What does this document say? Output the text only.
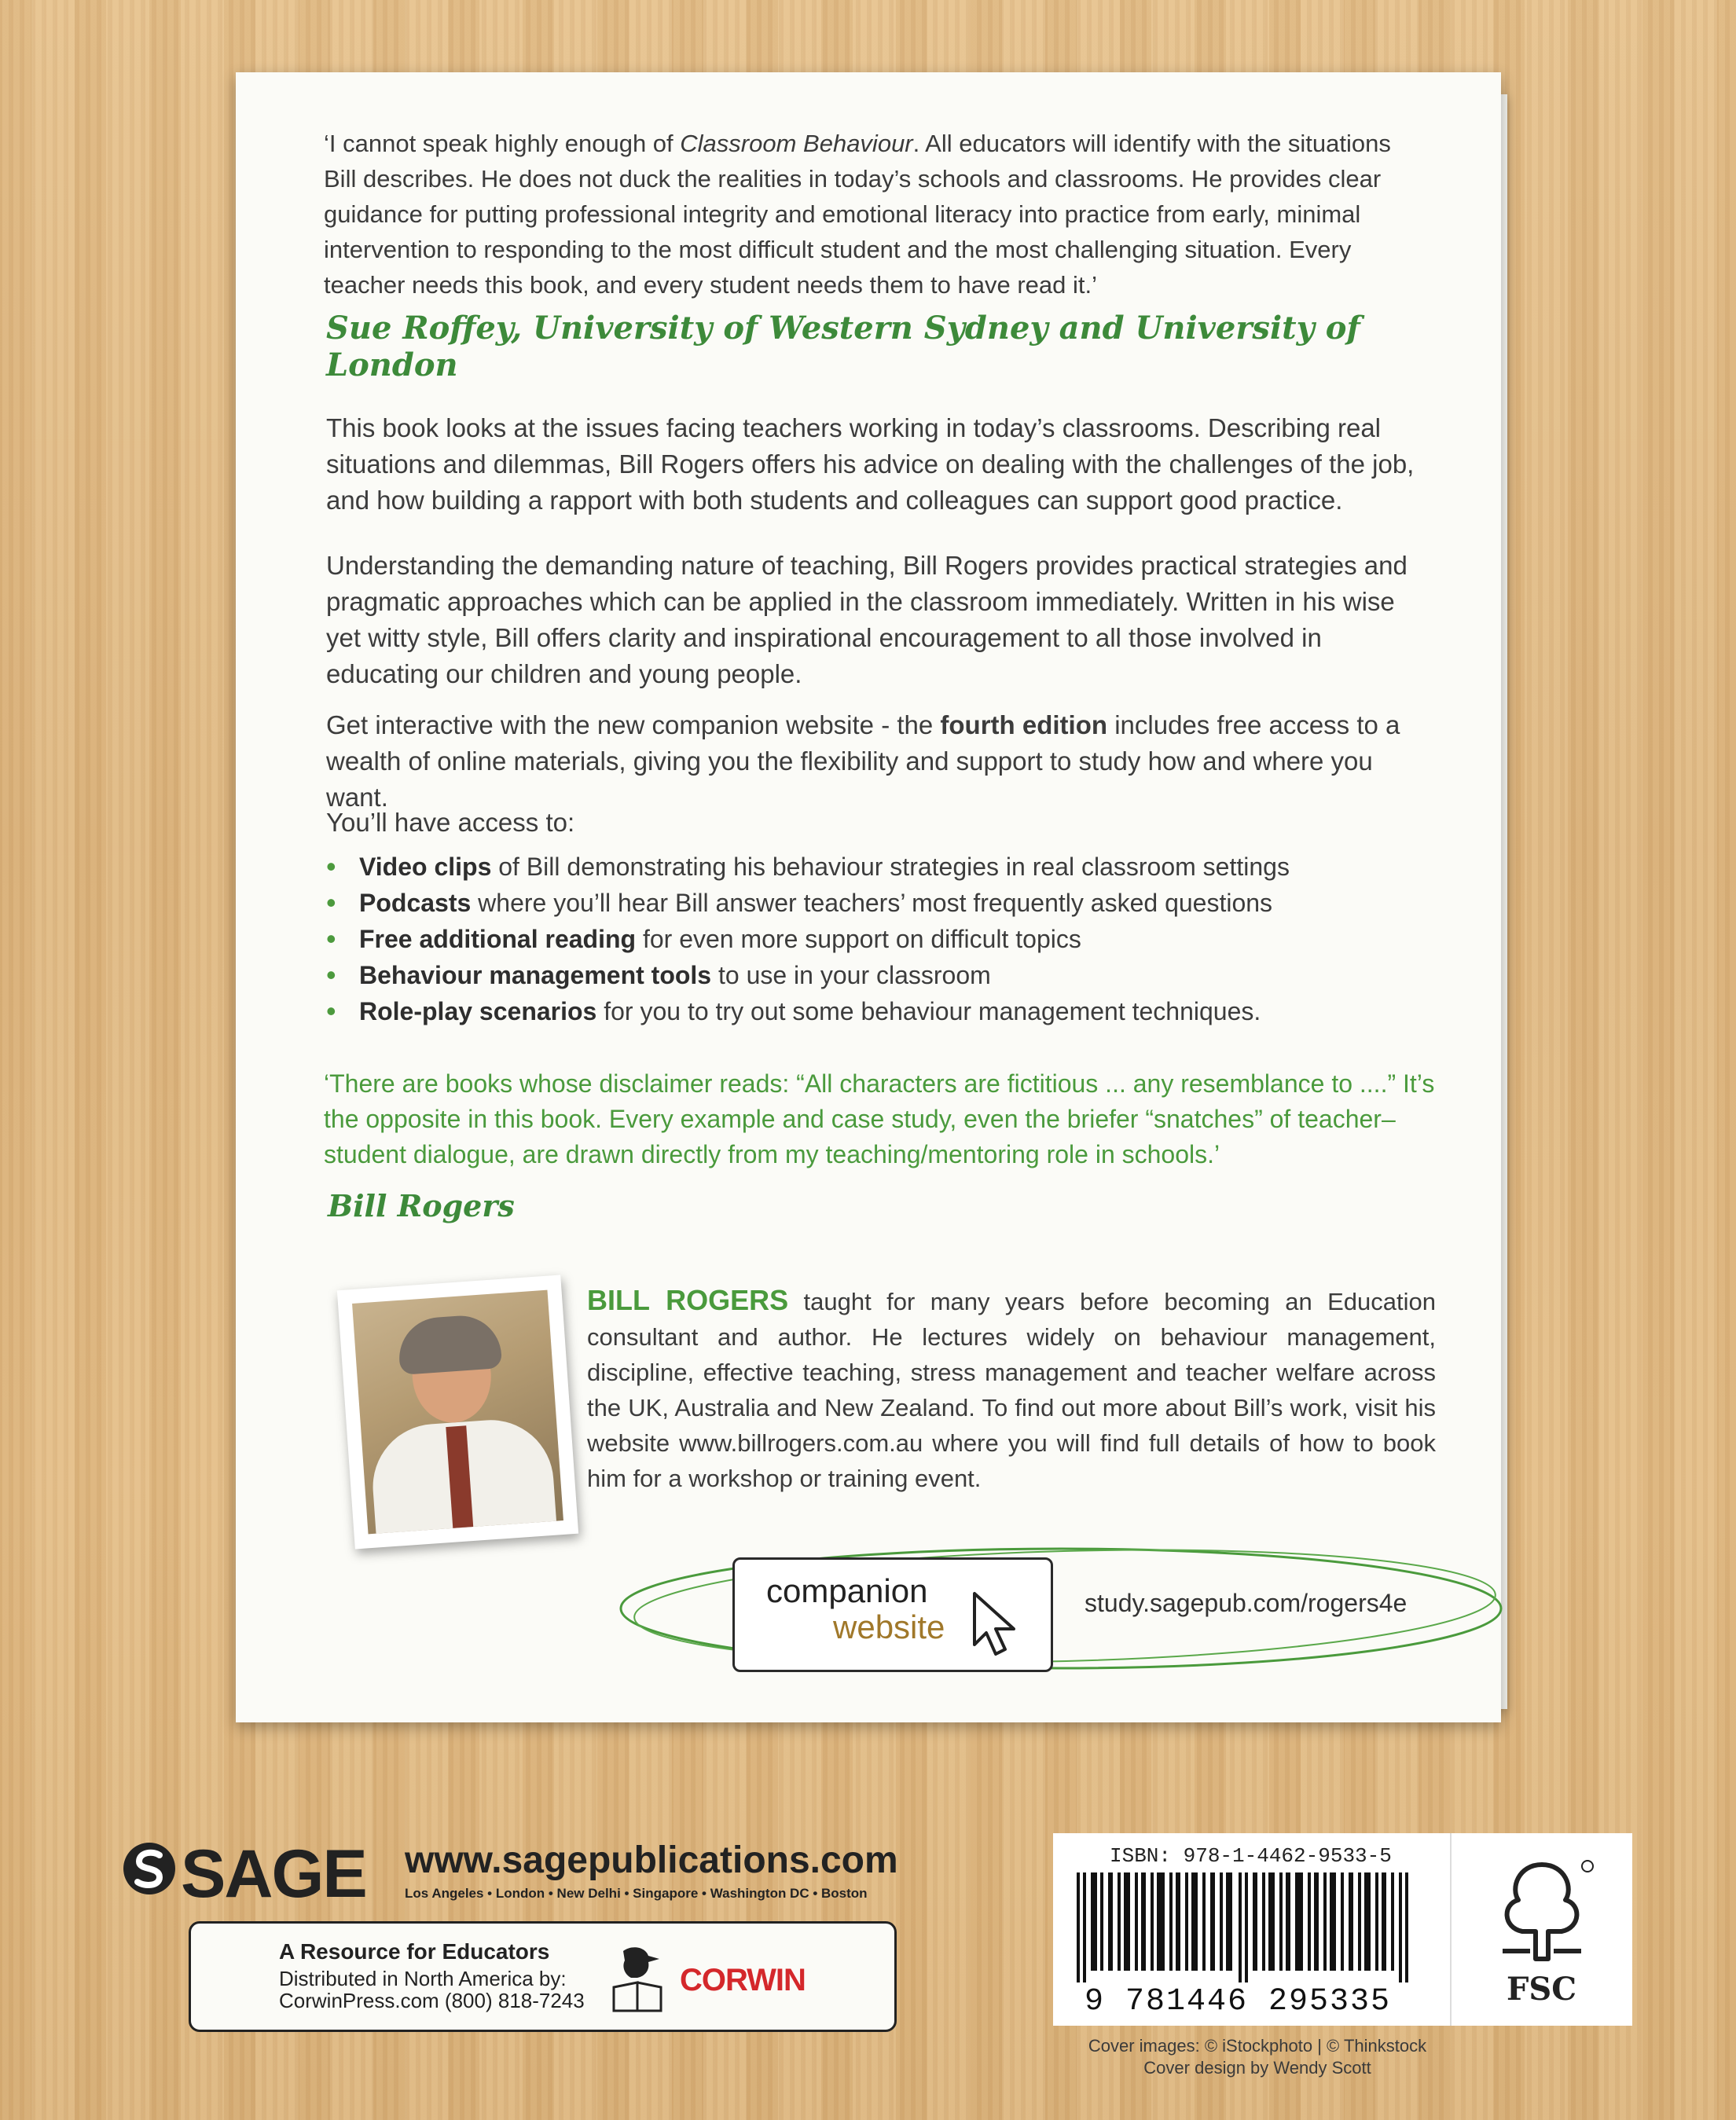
‘I cannot speak highly enough of Classroom Behaviour. All educators will identify with the situations Bill describes. He does not duck the realities in today’s schools and classrooms. He provides clear guidance for putting professional integrity and emotional literacy into practice from early, minimal intervention to responding to the most difficult student and the most challenging situation. Every teacher needs this book, and every student needs them to have read it.’
Sue Roffey, University of Western Sydney and University of London
This book looks at the issues facing teachers working in today’s classrooms. Describing real situations and dilemmas, Bill Rogers offers his advice on dealing with the challenges of the job, and how building a rapport with both students and colleagues can support good practice.
Understanding the demanding nature of teaching, Bill Rogers provides practical strategies and pragmatic approaches which can be applied in the classroom immediately. Written in his wise yet witty style, Bill offers clarity and inspirational encouragement to all those involved in educating our children and young people.
Get interactive with the new companion website - the fourth edition includes free access to a wealth of online materials, giving you the flexibility and support to study how and where you want.
You’ll have access to:
• Video clips of Bill demonstrating his behaviour strategies in real classroom settings
• Podcasts where you’ll hear Bill answer teachers’ most frequently asked questions
• Free additional reading for even more support on difficult topics
• Behaviour management tools to use in your classroom
• Role-play scenarios for you to try out some behaviour management techniques.
‘There are books whose disclaimer reads: “All characters are fictitious ... any resemblance to ....” It’s the opposite in this book. Every example and case study, even the briefer “snatches” of teacher–student dialogue, are drawn directly from my teaching/mentoring role in schools.’
Bill Rogers
BILL ROGERS taught for many years before becoming an Education consultant and author. He lectures widely on behaviour management, discipline, effective teaching, stress management and teacher welfare across the UK, Australia and New Zealand. To find out more about Bill’s work, visit his website www.billrogers.com.au where you will find full details of how to book him for a workshop or training event.
companion
website
study.sagepub.com/rogers4e
SAGE www.sagepublications.com
Los Angeles • London • New Delhi • Singapore • Washington DC • Boston
A Resource for Educators
Distributed in North America by:
CorwinPress.com (800) 818-7243
CORWIN
ISBN: 978-1-4462-9533-5
9 781446 295335	FSC
Cover images: © iStockphoto | © Thinkstock
Cover design by Wendy Scott
